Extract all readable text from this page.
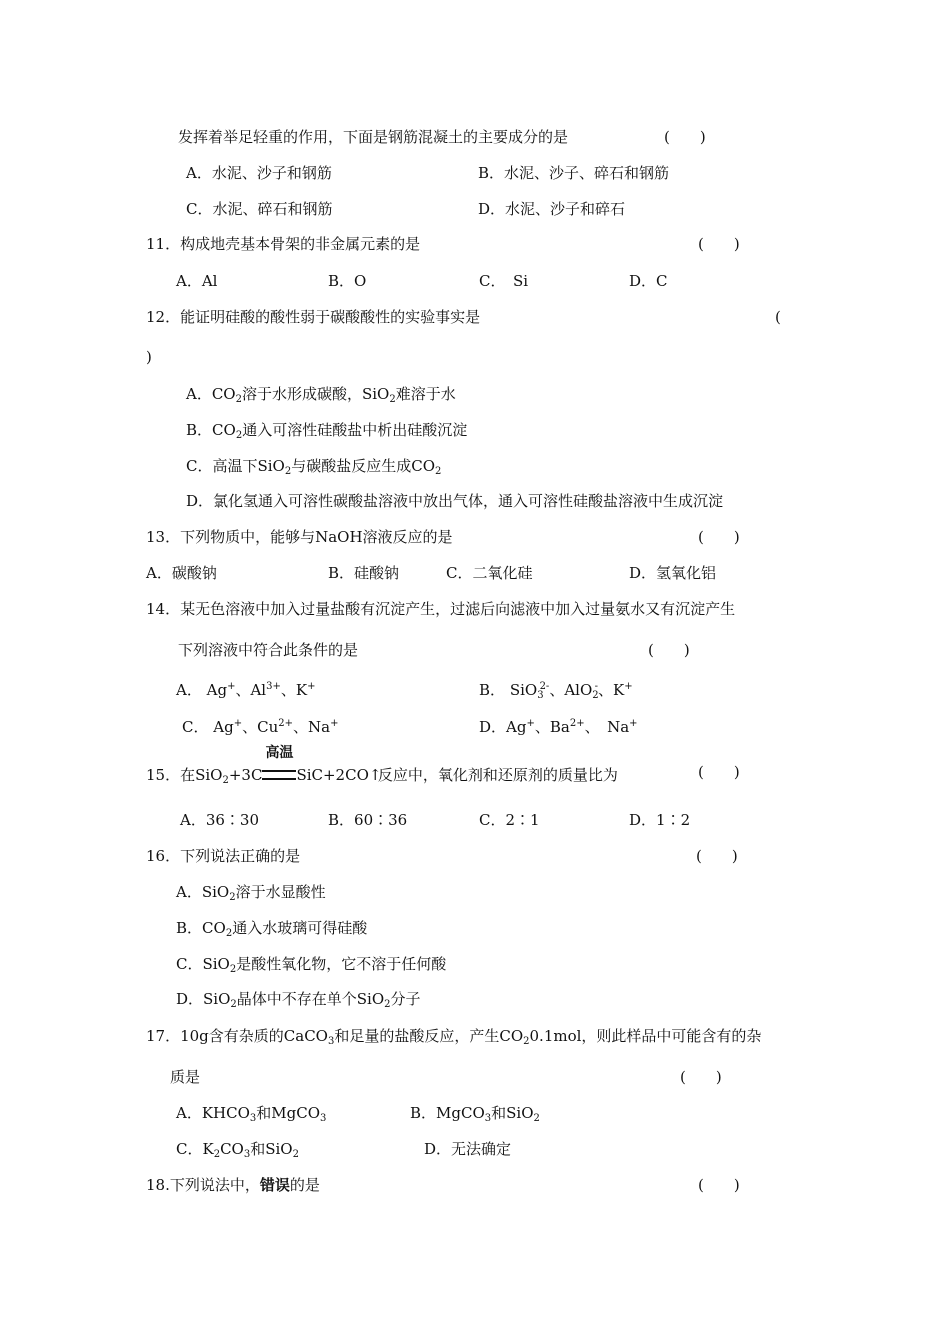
发挥着举足轻重的作用，下面是钢筋混凝土的主要成分的是	(　　)
A．水泥、沙子和钢筋	B．水泥、沙子、碎石和钢筋
C．水泥、碎石和钢筋	D．水泥、沙子和碎石
11．构成地壳基本骨架的非金属元素的是	(　　)
A．Al	B．O	C．　Si	D．C
12．能证明硅酸的酸性弱于碳酸酸性的实验事实是	(
)
A．$CO_2$溶于水形成碳酸，SiO$_2$难溶于水
B．$CO_2$通入可溶性硅酸盐中析出硅酸沉淀
C．高温下SiO$_2$与碳酸盐反应生成$CO_2$
D．氯化氢通入可溶性碳酸盐溶液中放出气体，通入可溶性硅酸盐溶液中生成沉淀
13．下列物质中，能够与NaOH溶液反应的是	(　　)
A．碳酸钠	B．硅酸钠	C．二氧化硅	D．氢氧化铝
14．某无色溶液中加入过量盐酸有沉淀产生，过滤后向滤液中加入过量氨水又有沉淀产生
下列溶液中符合此条件的是	(　　)
A． Ag+、$Al^{3+}$、K+	B． SiO$_3^{2-}$、AlO$_2$-、K+
C． Ag+、$Cu^{2+}$、Na+	D．Ag+、$Ba^{2+}$、　Na+
15．在SiO$_2$+3C
高温
SiC+2CO↑反应中，氧化剂和还原剂的质量比为	(　　)
A．36∶30	B．60∶36	C．2∶1	D．1∶2
16．下列说法正确的是	(　　)
A．SiO$_2$溶于水显酸性
B．$CO_2$通入水玻璃可得硅酸
C．SiO$_2$是酸性氧化物，它不溶于任何酸
D．SiO$_2$晶体中不存在单个SiO$_2$分子
17．10g含有杂质的CaCO$_3$和足量的盐酸反应，产生$CO_20.1mol$，则此样品中可能含有的杂
质是	(　　)
A．$KHCO_3$和MgCO$_3$	B．MgCO$_3$和SiO$_2$
C．$K_2CO_3$和SiO$_2$	D．无法确定
18.下列说法中，错误的是	(　　)
